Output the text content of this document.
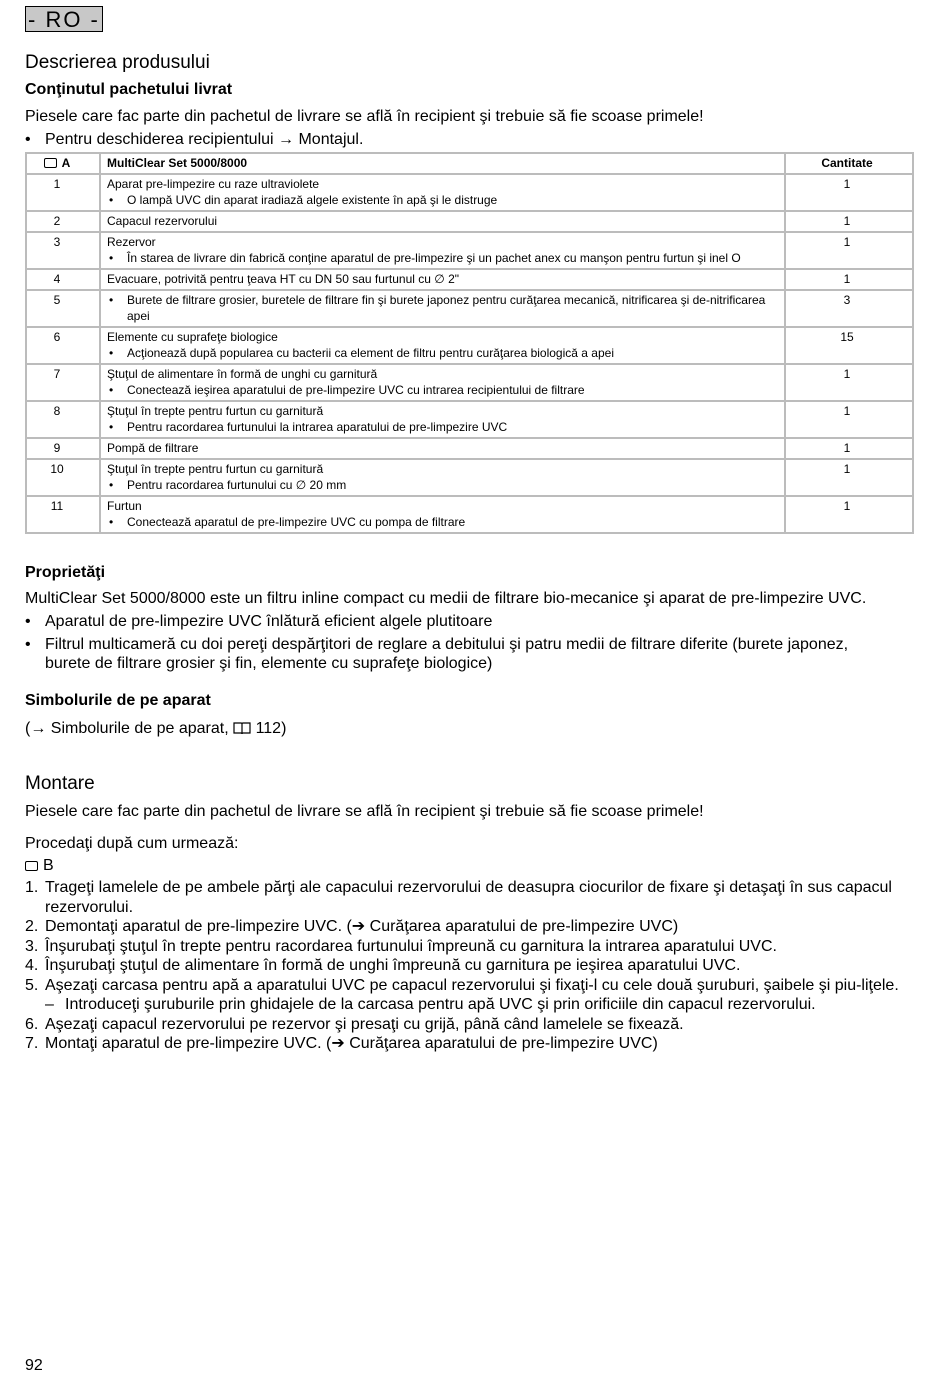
- RO -
Descrierea produsului
Conţinutul pachetului livrat
Piesele care fac parte din pachetul de livrare se află în recipient şi trebuie să fie scoase primele!
• Pentru deschiderea recipientului → Montajul.
A	MultiClear Set 5000/8000	Cantitate
1	Aparat pre-limpezire cu raze ultraviolete
• O lampă UVC din aparat iradiază algele existente în apă şi le distruge	1
2	Capacul rezervorului	1
3	Rezervor
• În starea de livrare din fabrică conţine aparatul de pre-limpezire şi un pachet anex cu manşon pentru furtun şi inel O	1
4	Evacuare, potrivită pentru ţeava HT cu DN 50 sau furtunul cu ∅ 2"	1
5	• Burete de filtrare grosier, buretele de filtrare fin şi burete japonez pentru curăţarea mecanică, nitrificarea şi de-nitrificarea apei	3
6	Elemente cu suprafeţe biologice
• Acţionează după popularea cu bacterii ca element de filtru pentru curăţarea biologică a apei	15
7	Ştuţul de alimentare în formă de unghi cu garnitură
• Conectează ieşirea aparatului de pre-limpezire UVC cu intrarea recipientului de filtrare	1
8	Ştuţul în trepte pentru furtun cu garnitură
• Pentru racordarea furtunului la intrarea aparatului de pre-limpezire UVC	1
9	Pompă de filtrare	1
10	Ştuţul în trepte pentru furtun cu garnitură
• Pentru racordarea furtunului cu ∅ 20 mm	1
11	Furtun
• Conectează aparatul de pre-limpezire UVC cu pompa de filtrare	1
Proprietăţi
MultiClear Set 5000/8000 este un filtru inline compact cu medii de filtrare bio-mecanice şi aparat de pre-limpezire UVC.
• Aparatul de pre-limpezire UVC înlătură eficient algele plutitoare
• Filtrul multicameră cu doi pereţi despărţitori de reglare a debitului şi patru medii de filtrare diferite (burete japonez,
burete de filtrare grosier şi fin, elemente cu suprafeţe biologice)
Simbolurile de pe aparat
(→ Simbolurile de pe aparat, 112)
Montare
Piesele care fac parte din pachetul de livrare se află în recipient şi trebuie să fie scoase primele!
Procedaţi după cum urmează:
B
1. Trageţi lamelele de pe ambele părţi ale capacului rezervorului de deasupra ciocurilor de fixare şi detaşaţi în sus capacul rezervorului.
2. Demontaţi aparatul de pre-limpezire UVC. (➔ Curăţarea aparatului de pre-limpezire UVC)
3. Înşurubaţi ştuţul în trepte pentru racordarea furtunului împreună cu garnitura la intrarea aparatului UVC.
4. Înşurubaţi ştuţul de alimentare în formă de unghi împreună cu garnitura pe ieşirea aparatului UVC.
5. Aşezaţi carcasa pentru apă a aparatului UVC pe capacul rezervorului şi fixaţi-l cu cele două şuruburi, şaibele şi piu-liţele.
– Introduceţi şuruburile prin ghidajele de la carcasa pentru apă UVC şi prin orificiile din capacul rezervorului.
6. Aşezaţi capacul rezervorului pe rezervor şi presaţi cu grijă, până când lamelele se fixează.
7. Montaţi aparatul de pre-limpezire UVC. (➔ Curăţarea aparatului de pre-limpezire UVC)
92
